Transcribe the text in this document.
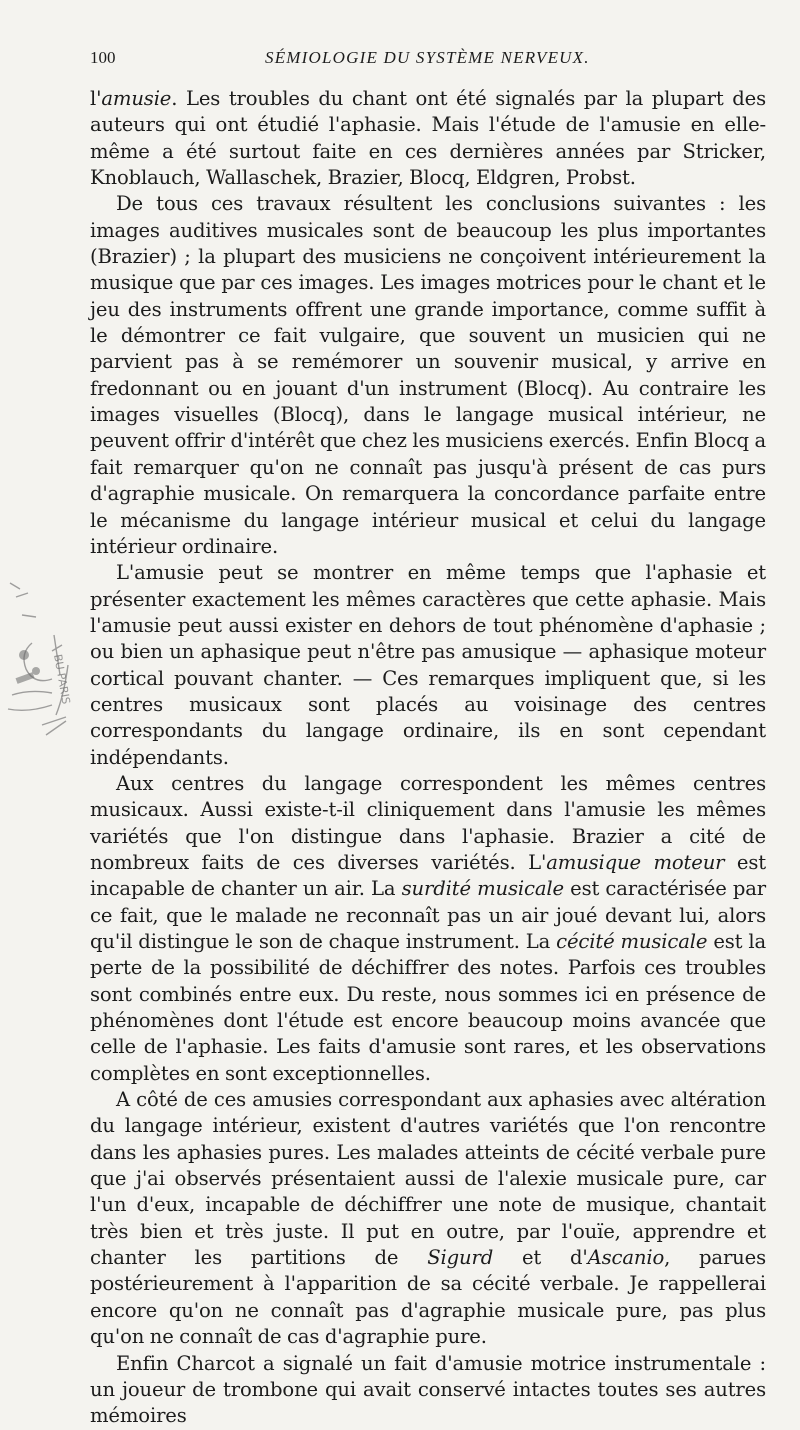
100	SÉMIOLOGIE DU SYSTÈME NERVEUX.

l'amusie. Les troubles du chant ont été signalés par la plupart des auteurs qui ont étudié l'aphasie. Mais l'étude de l'amusie en elle-même a été surtout faite en ces dernières années par Stricker, Knoblauch, Wallaschek, Brazier, Blocq, Eldgren, Probst.

De tous ces travaux résultent les conclusions suivantes : les images auditives musicales sont de beaucoup les plus importantes (Brazier) ; la plupart des musiciens ne conçoivent intérieurement la musique que par ces images. Les images motrices pour le chant et le jeu des instruments offrent une grande importance, comme suffit à le démontrer ce fait vulgaire, que souvent un musicien qui ne parvient pas à se remémorer un souvenir musical, y arrive en fredonnant ou en jouant d'un instrument (Blocq). Au contraire les images visuelles (Blocq), dans le langage musical intérieur, ne peuvent offrir d'intérêt que chez les musiciens exercés. Enfin Blocq a fait remarquer qu'on ne connaît pas jusqu'à présent de cas purs d'agraphie musicale. On remarquera la concordance parfaite entre le mécanisme du langage intérieur musical et celui du langage intérieur ordinaire.

L'amusie peut se montrer en même temps que l'aphasie et présenter exactement les mêmes caractères que cette aphasie. Mais l'amusie peut aussi exister en dehors de tout phénomène d'aphasie ; ou bien un aphasique peut n'être pas amusique — aphasique moteur cortical pouvant chanter. — Ces remarques impliquent que, si les centres musicaux sont placés au voisinage des centres correspondants du langage ordinaire, ils en sont cependant indépendants.

Aux centres du langage correspondent les mêmes centres musicaux. Aussi existe-t-il cliniquement dans l'amusie les mêmes variétés que l'on distingue dans l'aphasie. Brazier a cité de nombreux faits de ces diverses variétés. L'amusique moteur est incapable de chanter un air. La surdité musicale est caractérisée par ce fait, que le malade ne reconnaît pas un air joué devant lui, alors qu'il distingue le son de chaque instrument. La cécité musicale est la perte de la possibilité de déchiffrer des notes. Parfois ces troubles sont combinés entre eux. Du reste, nous sommes ici en présence de phénomènes dont l'étude est encore beaucoup moins avancée que celle de l'aphasie. Les faits d'amusie sont rares, et les observations complètes en sont exceptionnelles.

A côté de ces amusies correspondant aux aphasies avec altération du langage intérieur, existent d'autres variétés que l'on rencontre dans les aphasies pures. Les malades atteints de cécité verbale pure que j'ai observés présentaient aussi de l'alexie musicale pure, car l'un d'eux, incapable de déchiffrer une note de musique, chantait très bien et très juste. Il put en outre, par l'ouïe, apprendre et chanter les partitions de Sigurd et d'Ascanio, parues postérieurement à l'apparition de sa cécité verbale. Je rappellerai encore qu'on ne connaît pas d'agraphie musicale pure, pas plus qu'on ne connaît de cas d'agraphie pure.

Enfin Charcot a signalé un fait d'amusie motrice instrumentale : un joueur de trombone qui avait conservé intactes toutes ses autres mémoires

BU PARIS
